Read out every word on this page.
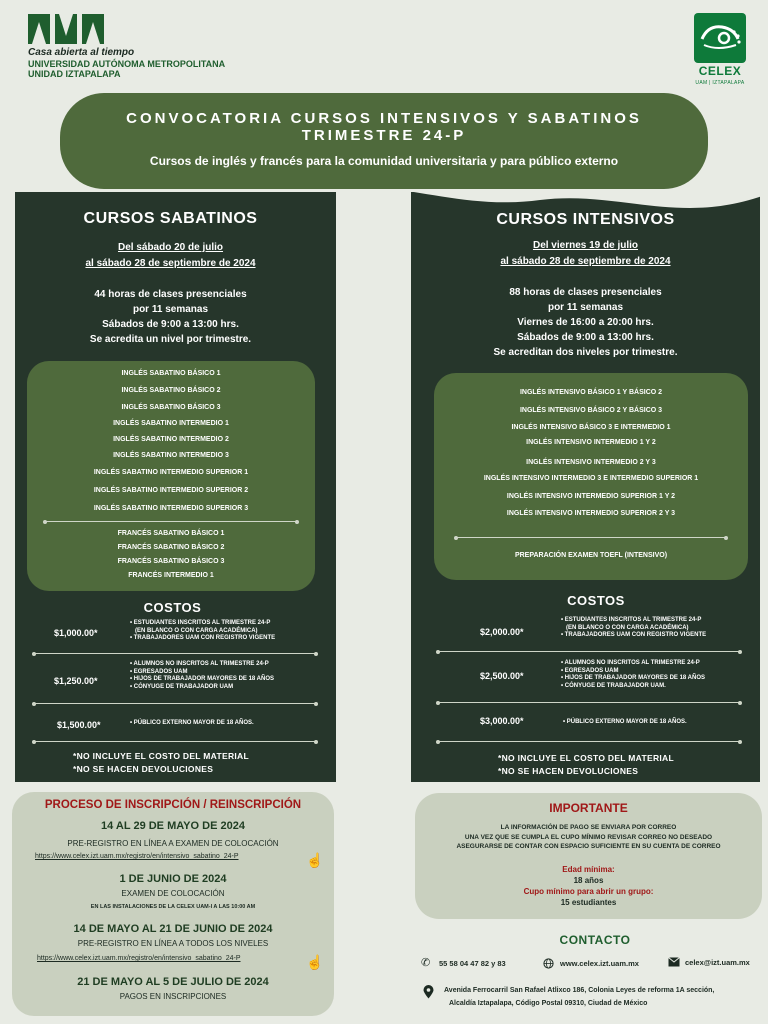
Casa abierta al tiempo
UNIVERSIDAD AUTÓNOMA METROPOLITANA
UNIDAD IZTAPALAPA	CELEX
UAM | IZTAPALAPA
CONVOCATORIA CURSOS INTENSIVOS Y SABATINOS
TRIMESTRE 24-P
Cursos de inglés y francés para la comunidad universitaria y para público externo
CURSOS SABATINOS
Del sábado 20 de julio
al sábado 28 de septiembre de 2024
44 horas de clases presenciales
por 11 semanas
Sábados de 9:00 a 13:00 hrs.
Se acredita un nivel por trimestre.
INGLÉS SABATINO BÁSICO 1
INGLÉS SABATINO BÁSICO 2
INGLÉS SABATINO BÁSICO 3
INGLÉS SABATINO INTERMEDIO 1
INGLÉS SABATINO INTERMEDIO 2
INGLÉS SABATINO INTERMEDIO 3
INGLÉS SABATINO INTERMEDIO SUPERIOR 1
INGLÉS SABATINO INTERMEDIO SUPERIOR 2
INGLÉS SABATINO INTERMEDIO SUPERIOR 3
FRANCÉS SABATINO BÁSICO 1
FRANCÉS SABATINO BÁSICO 2
FRANCÉS SABATINO BÁSICO 3
FRANCÉS INTERMEDIO 1
COSTOS
$1,000.00*
• ESTUDIANTES INSCRITOS AL TRIMESTRE 24-P
(EN BLANCO O CON CARGA ACADÉMICA)
• TRABAJADORES UAM CON REGISTRO VIGENTE
$1,250.00*
• ALUMNOS NO INSCRITOS AL TRIMESTRE 24-P
• EGRESADOS UAM
• HIJOS DE TRABAJADOR MAYORES DE 18 AÑOS
• CÓNYUGE DE TRABAJADOR UAM
$1,500.00*	• PÚBLICO EXTERNO MAYOR DE 18 AÑOS.
*NO INCLUYE EL COSTO DEL MATERIAL
*NO SE HACEN DEVOLUCIONES
CURSOS INTENSIVOS
Del viernes 19 de julio
al sábado 28 de septiembre de 2024
88 horas de clases presenciales
por 11 semanas
Viernes de 16:00 a 20:00 hrs.
Sábados de 9:00 a 13:00 hrs.
Se acreditan dos niveles por trimestre.
INGLÉS INTENSIVO BÁSICO 1 Y BÁSICO 2
INGLÉS INTENSIVO BÁSICO 2 Y BÁSICO 3
INGLÉS INTENSIVO BÁSICO 3 E INTERMEDIO 1
INGLÉS INTENSIVO INTERMEDIO 1 Y 2
INGLÉS INTENSIVO INTERMEDIO 2 Y 3
INGLÉS INTENSIVO INTERMEDIO 3 E INTERMEDIO SUPERIOR 1
INGLÉS INTENSIVO INTERMEDIO SUPERIOR 1 Y 2
INGLÉS INTENSIVO INTERMEDIO SUPERIOR 2 Y 3
PREPARACIÓN EXAMEN TOEFL (INTENSIVO)
COSTOS
$2,000.00*
• ESTUDIANTES INSCRITOS AL TRIMESTRE 24-P
(EN BLANCO O CON CARGA ACADÉMICA)
• TRABAJADORES UAM CON REGISTRO VIGENTE
$2,500.00*
• ALUMNOS NO INSCRITOS AL TRIMESTRE 24-P
• EGRESADOS UAM
• HIJOS DE TRABAJADOR MAYORES DE 18 AÑOS
• CÓNYUGE DE TRABAJADOR UAM.
$3,000.00*	• PÚBLICO EXTERNO MAYOR DE 18 AÑOS.
*NO INCLUYE EL COSTO DEL MATERIAL
*NO SE HACEN DEVOLUCIONES
PROCESO DE INSCRIPCIÓN / REINSCRIPCIÓN
14 AL 29 DE MAYO DE 2024
PRE-REGISTRO EN LÍNEA A EXAMEN DE COLOCACIÓN
https://www.celex.izt.uam.mx/registro/en/intensivo_sabatino_24-P	☝
1 DE JUNIO DE 2024
EXAMEN DE COLOCACIÓN
EN LAS INSTALACIONES DE LA CELEX UAM-I A LAS 10:00 AM
14 DE MAYO AL 21 DE JUNIO DE 2024
PRE-REGISTRO EN LÍNEA A TODOS LOS NIVELES
https://www.celex.izt.uam.mx/registro/en/intensivo_sabatino_24-P	☝
21 DE MAYO AL 5 DE JULIO DE 2024
PAGOS EN INSCRIPCIONES
IMPORTANTE
LA INFORMACIÓN DE PAGO SE ENVIARA POR CORREO
UNA VEZ QUE SE CUMPLA EL CUPO MÍNIMO REVISAR CORREO NO DESEADO
ASEGURARSE DE CONTAR CON ESPACIO SUFICIENTE EN SU CUENTA DE CORREO
Edad mínima:
18 años
Cupo mínimo para abrir un grupo:
15 estudiantes
CONTACTO
✆ 55 58 04 47 82 y 83	www.celex.izt.uam.mx	celex@izt.uam.mx
Avenida Ferrocarril San Rafael Atlixco 186, Colonia Leyes de reforma 1A sección,
Alcaldía Iztapalapa, Código Postal 09310, Ciudad de México
